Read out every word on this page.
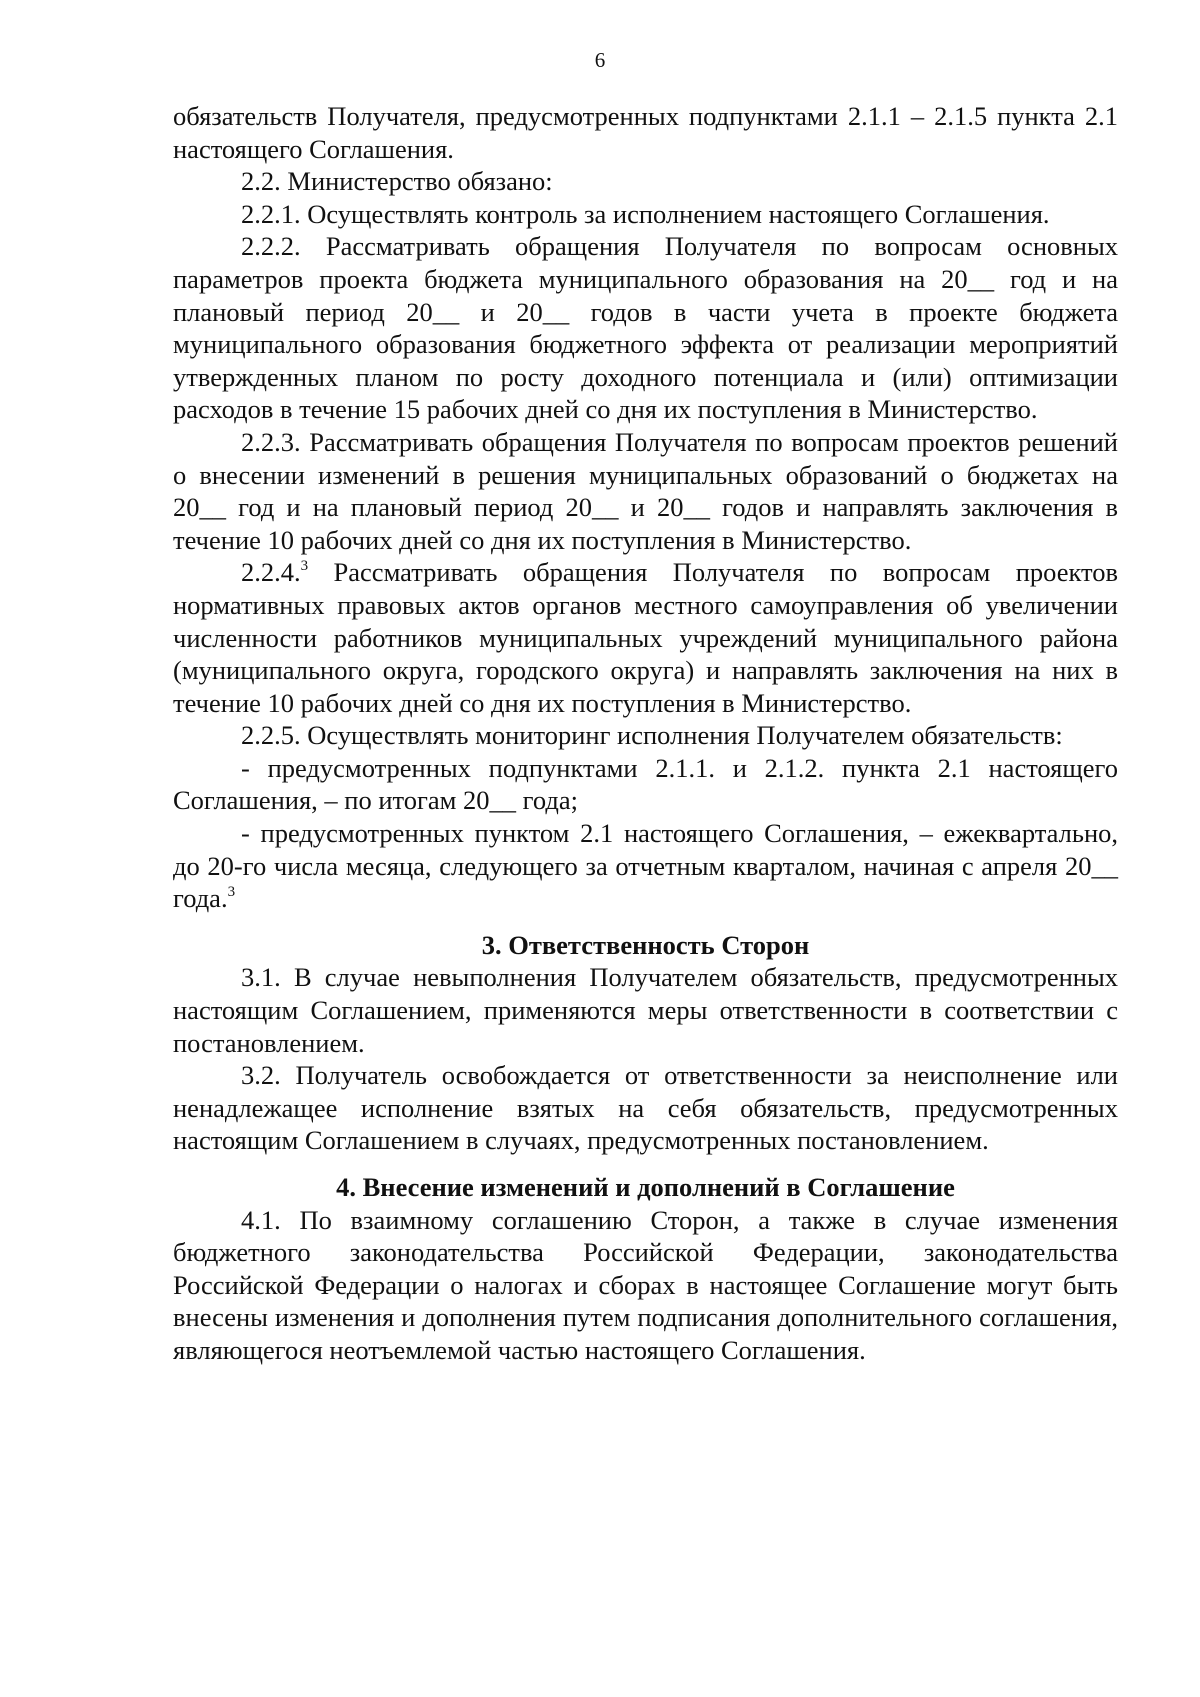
6

обязательств Получателя, предусмотренных подпунктами 2.1.1 – 2.1.5 пункта 2.1 настоящего Соглашения.

2.2. Министерство обязано:

2.2.1. Осуществлять контроль за исполнением настоящего Соглашения.

2.2.2. Рассматривать обращения Получателя по вопросам основных параметров проекта бюджета муниципального образования на 20__ год и на плановый период 20__ и 20__ годов в части учета в проекте бюджета муниципального образования бюджетного эффекта от реализации мероприятий утвержденных планом по росту доходного потенциала и (или) оптимизации расходов в течение 15 рабочих дней со дня их поступления в Министерство.

2.2.3. Рассматривать обращения Получателя по вопросам проектов решений о внесении изменений в решения муниципальных образований о бюджетах на 20__ год и на плановый период 20__ и 20__ годов и направлять заключения в течение 10 рабочих дней со дня их поступления в Министерство.

2.2.4.$^3$ Рассматривать обращения Получателя по вопросам проектов нормативных правовых актов органов местного самоуправления об увеличении численности работников муниципальных учреждений муниципального района (муниципального округа, городского округа) и направлять заключения на них в течение 10 рабочих дней со дня их поступления в Министерство.

2.2.5. Осуществлять мониторинг исполнения Получателем обязательств:

- предусмотренных подпунктами 2.1.1. и 2.1.2. пункта 2.1 настоящего Соглашения, – по итогам 20__ года;

- предусмотренных пунктом 2.1 настоящего Соглашения, – ежеквартально, до 20-го числа месяца, следующего за отчетным кварталом, начиная с апреля 20__ года.$^3$

3. Ответственность Сторон

3.1. В случае невыполнения Получателем обязательств, предусмотренных настоящим Соглашением, применяются меры ответственности в соответствии с постановлением.

3.2. Получатель освобождается от ответственности за неисполнение или ненадлежащее исполнение взятых на себя обязательств, предусмотренных настоящим Соглашением в случаях, предусмотренных постановлением.

4. Внесение изменений и дополнений в Соглашение

4.1. По взаимному соглашению Сторон, а также в случае изменения бюджетного законодательства Российской Федерации, законодательства Российской Федерации о налогах и сборах в настоящее Соглашение могут быть внесены изменения и дополнения путем подписания дополнительного соглашения, являющегося неотъемлемой частью настоящего Соглашения.
